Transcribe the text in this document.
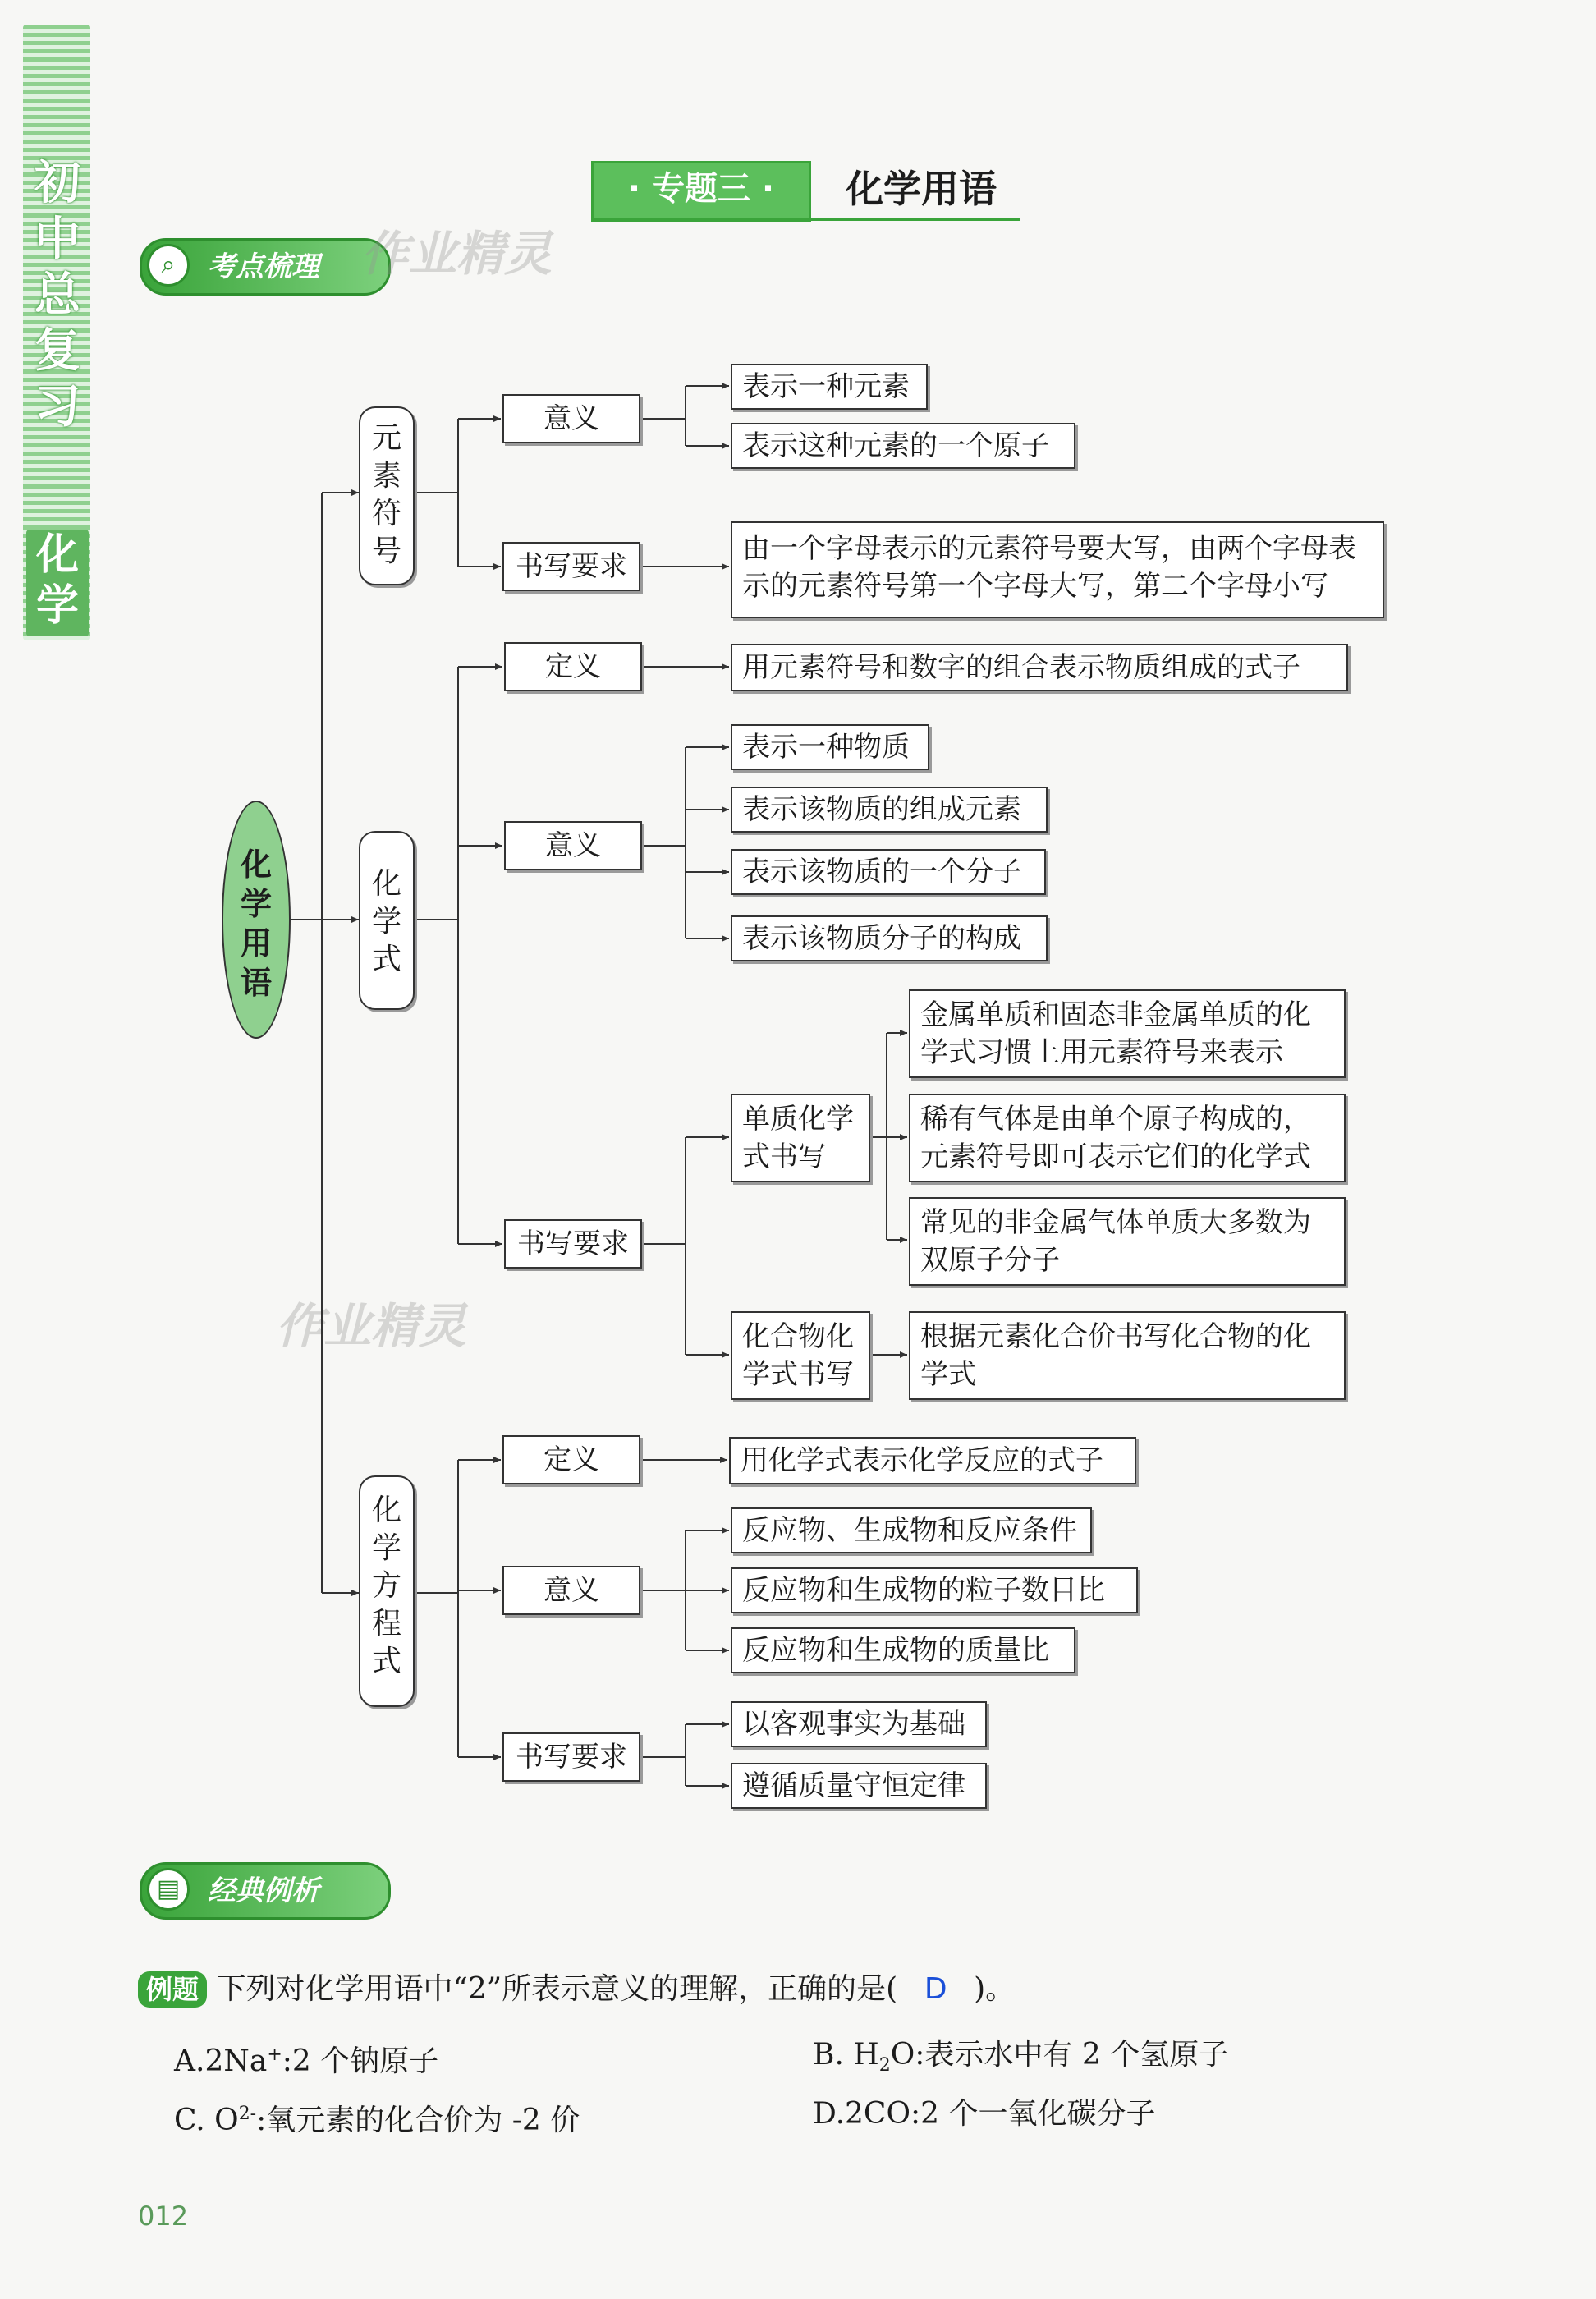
初
中
总
复
习
化
学
· 专题三 ·	化学用语
⌕	考点梳理 作业精灵
作业精灵
化学用语
元素符号
意义
表示一种元素
表示这种元素的一个原子
书写要求
由一个字母表示的元素符号要大写，由两个字母表示的元素符号第一个字母大写，第二个字母小写
化学式
定义	用元素符号和数字的组合表示物质组成的式子
意义
表示一种物质
表示该物质的组成元素
表示该物质的一个分子
表示该物质分子的构成
书写要求
单质化学式书写
金属单质和固态非金属单质的化学式习惯上用元素符号来表示
稀有气体是由单个原子构成的，元素符号即可表示它们的化学式
常见的非金属气体单质大多数为双原子分子
化合物化学式书写
根据元素化合价书写化合物的化学式
化学方程式
定义	用化学式表示化学反应的式子
意义
反应物、生成物和反应条件
反应物和生成物的粒子数目比
反应物和生成物的质量比
书写要求
以客观事实为基础
遵循质量守恒定律
▤ 经典例析
例题 下列对化学用语中“2”所表示意义的理解，正确的是( D )。
A.2Na+:2 个钠原子	B. $H_2O$:表示水中有 2 个氢原子
C. $O^{2-}$:氧元素的化合价为 -2 价	D.2CO:2 个一氧化碳分子
012
